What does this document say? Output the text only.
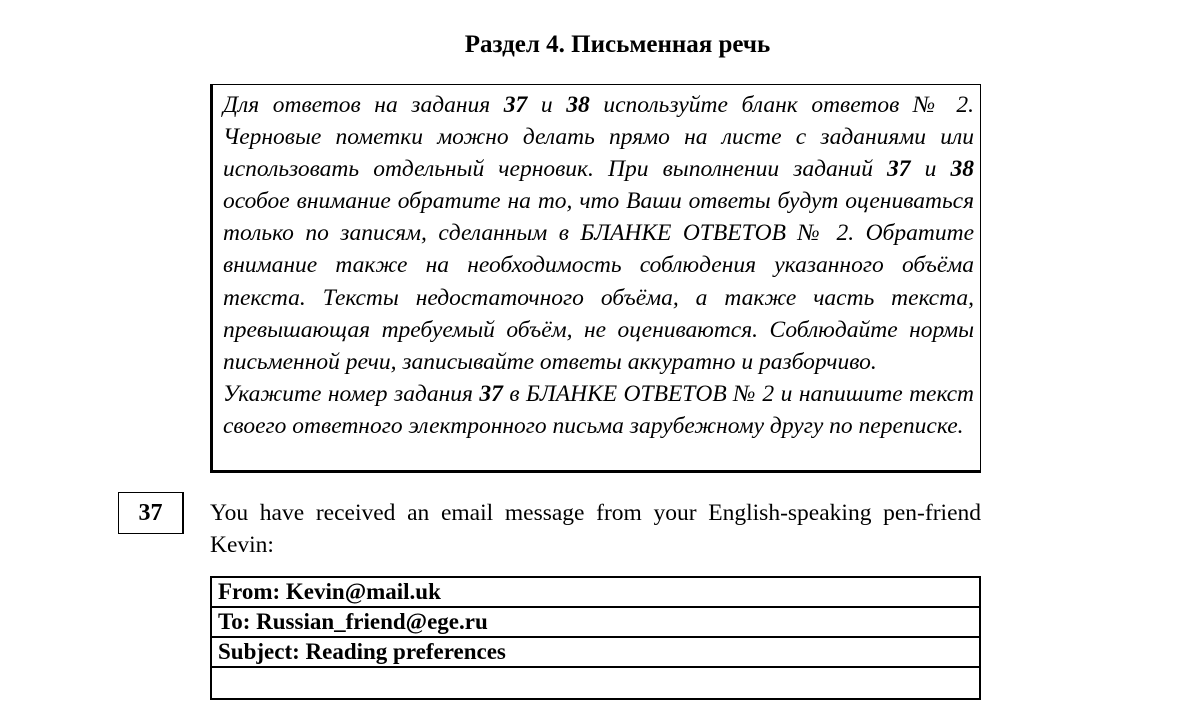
Раздел 4. Письменная речь

Для ответов на задания 37 и 38 используйте бланк ответов № 2. Черновые пометки можно делать прямо на листе с заданиями или использовать отдельный черновик. При выполнении заданий 37 и 38 особое внимание обратите на то, что Ваши ответы будут оцениваться только по записям, сделанным в БЛАНКЕ ОТВЕТОВ № 2. Обратите внимание также на необходимость соблюдения указанного объёма текста. Тексты недостаточного объёма, а также часть текста, превышающая требуемый объём, не оцениваются. Соблюдайте нормы письменной речи, записывайте ответы аккуратно и разборчиво.

Укажите номер задания 37 в БЛАНКЕ ОТВЕТОВ № 2 и напишите текст своего ответного электронного письма зарубежному другу по переписке.

37	You have received an email message from your English-speaking pen-friend Kevin:
From: Kevin@mail.uk
To: Russian_friend@ege.ru
Subject: Reading preferences
